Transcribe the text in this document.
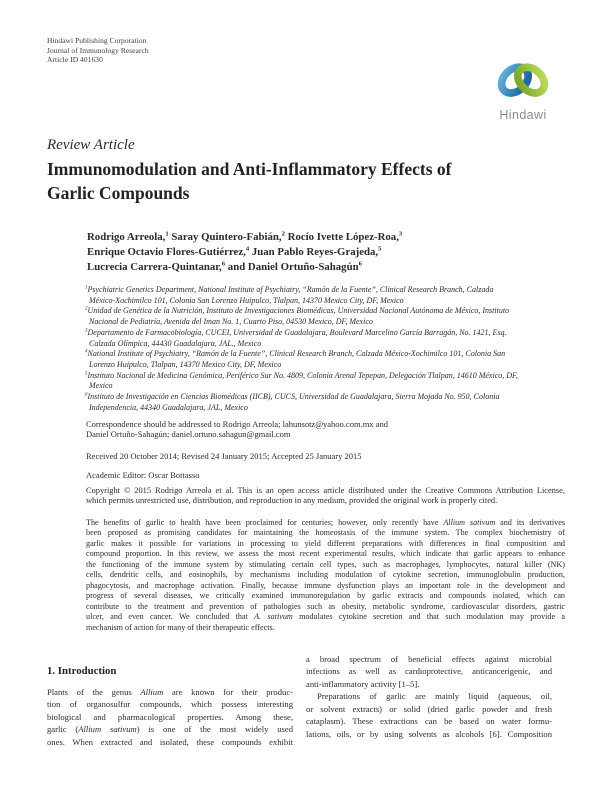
Hindawi Publishing Corporation
Journal of Immunology Research
Article ID 401630
Hindawi
Review Article
Immunomodulation and Anti-Inflammatory Effects of
Garlic Compounds
Rodrigo Arreola,$^1$ Saray Quintero-Fabián,$^2$ Rocío Ivette López-Roa,$^3$
Enrique Octavio Flores-Gutiérrez,$^4$ Juan Pablo Reyes-Grajeda,$^5$
Lucrecia Carrera-Quintanar,$^6$ and Daniel Ortuño-Sahagún$^6$
$^1$Psychiatric Genetics Department, National Institute of Psychiatry, “Ramón de la Fuente”, Clinical Research Branch, Calzada México-Xochimilco 101, Colonia San Lorenzo Huipulco, Tlalpan, 14370 Mexico City, DF, Mexico
$^2$Unidad de Genética de la Nutrición, Instituto de Investigaciones Biomédicas, Universidad Nacional Autónoma de México, Instituto Nacional de Pediatría, Avenida del Iman No. 1, Cuarto Piso, 04530 Mexico, DF, Mexico
$^3$Departamento de Farmacobiología, CUCEI, Universidad de Guadalajara, Boulevard Marcelino García Barragán, No. 1421, Esq. Calzada Olímpica, 44430 Guadalajara, JAL., Mexico
$^4$National Institute of Psychiatry, “Ramón de la Fuente”, Clinical Research Branch, Calzada México-Xochimilco 101, Colonia San Lorenzo Huipulco, Tlalpan, 14370 Mexico City, DF, Mexico
$^5$Instituto Nacional de Medicina Genómica, Periférico Sur No. 4809, Colonia Arenal Tepepan, Delegación Tlalpan, 14610 México, DF, Mexico
$^6$Instituto de Investigación en Ciencias Biomédicas (IICB), CUCS, Universidad de Guadalajara, Sierra Mojada No. 950, Colonia Independencia, 44340 Guadalajara, JAL, Mexico
Correspondence should be addressed to Rodrigo Arreola; lahunsotz@yahoo.com.mx and
Daniel Ortuño-Sahagún; daniel.ortuno.sahagun@gmail.com
Received 20 October 2014; Revised 24 January 2015; Accepted 25 January 2015
Academic Editor: Oscar Bottasso
Copyright © 2015 Rodrigo Arreola et al. This is an open access article distributed under the Creative Commons Attribution License,
which permits unrestricted use, distribution, and reproduction in any medium, provided the original work is properly cited.
The benefits of garlic to health have been proclaimed for centuries; however, only recently have Allium sativum and its derivatives
been proposed as promising candidates for maintaining the homeostasis of the immune system. The complex biochemistry of
garlic makes it possible for variations in processing to yield different preparations with differences in final composition and
compound proportion. In this review, we assess the most recent experimental results, which indicate that garlic appears to enhance
the functioning of the immune system by stimulating certain cell types, such as macrophages, lymphocytes, natural killer (NK)
cells, dendritic cells, and eosinophils, by mechanisms including modulation of cytokine secretion, immunoglobulin production,
phagocytosis, and macrophage activation. Finally, because immune dysfunction plays an important role in the development and
progress of several diseases, we critically examined immunoregulation by garlic extracts and compounds isolated, which can
contribute to the treatment and prevention of pathologies such as obesity, metabolic syndrome, cardiovascular disorders, gastric
ulcer, and even cancer. We concluded that A. sativum modulates cytokine secretion and that such modulation may provide a
mechanism of action for many of their therapeutic effects.
1. Introduction
Plants of the genus Allium are known for their produc-
tion of organosulfur compounds, which possess interesting
biological and pharmacological properties. Among these,
garlic (Allium sativum) is one of the most widely used
ones. When extracted and isolated, these compounds exhibit
a broad spectrum of beneficial effects against microbial
infections as well as cardioprotective, anticancerigenic, and
anti-inflammatory activity [1–5].
Preparations of garlic are mainly liquid (aqueous, oil,
or solvent extracts) or solid (dried garlic powder and fresh
cataplasm). These extractions can be based on water formu-
lations, oils, or by using solvents as alcohols [6]. Composition
